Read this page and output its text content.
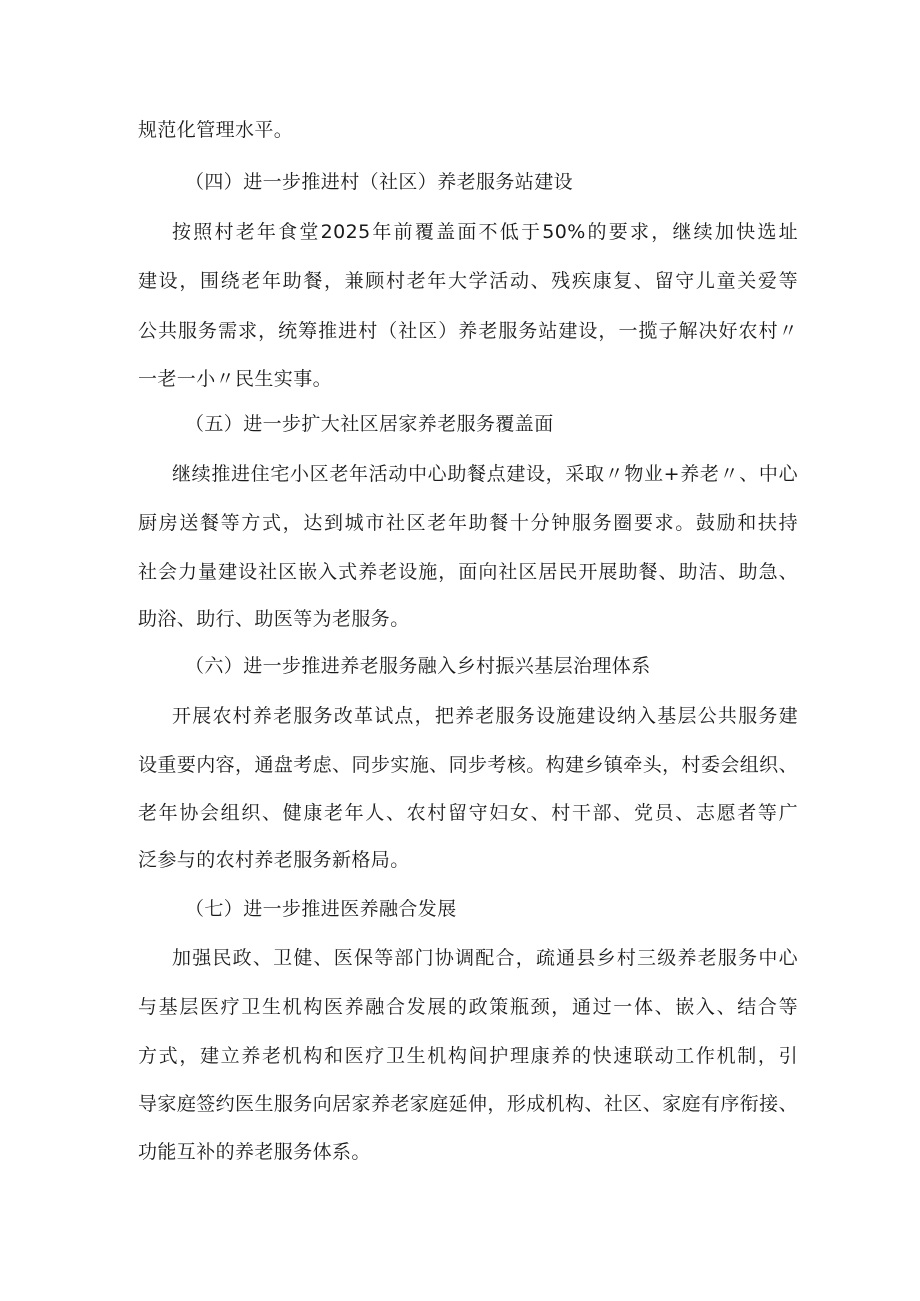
规范化管理水平。
（四）进一步推进村（社区）养老服务站建设
按照村老年食堂2025年前覆盖面不低于50%的要求，继续加快选址
建设，围绕老年助餐，兼顾村老年大学活动、残疾康复、留守儿童关爱等
公共服务需求，统筹推进村（社区）养老服务站建设，一揽子解决好农村〃
一老一小〃民生实事。
（五）进一步扩大社区居家养老服务覆盖面
继续推进住宅小区老年活动中心助餐点建设，采取〃物业+养老〃、中心
厨房送餐等方式，达到城市社区老年助餐十分钟服务圈要求。鼓励和扶持
社会力量建设社区嵌入式养老设施，面向社区居民开展助餐、助洁、助急、
助浴、助行、助医等为老服务。
（六）进一步推进养老服务融入乡村振兴基层治理体系
开展农村养老服务改革试点，把养老服务设施建设纳入基层公共服务建
设重要内容，通盘考虑、同步实施、同步考核。构建乡镇牵头，村委会组织、
老年协会组织、健康老年人、农村留守妇女、村干部、党员、志愿者等广
泛参与的农村养老服务新格局。
（七）进一步推进医养融合发展
加强民政、卫健、医保等部门协调配合，疏通县乡村三级养老服务中心
与基层医疗卫生机构医养融合发展的政策瓶颈，通过一体、嵌入、结合等
方式，建立养老机构和医疗卫生机构间护理康养的快速联动工作机制，引
导家庭签约医生服务向居家养老家庭延伸，形成机构、社区、家庭有序衔接、
功能互补的养老服务体系。
